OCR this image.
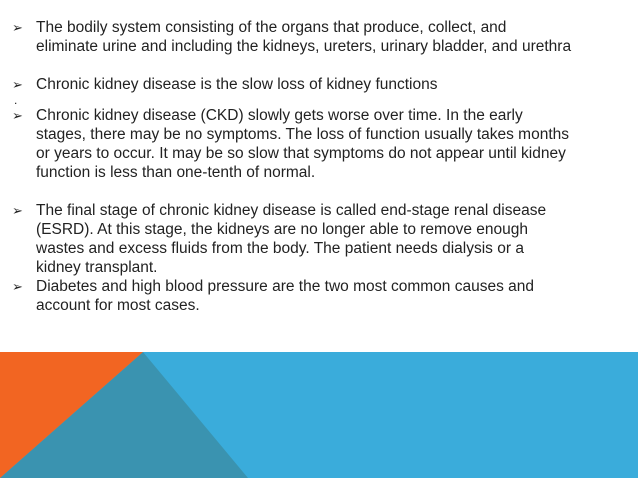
➢ The bodily system consisting of the organs that produce, collect, and eliminate urine and including the kidneys, ureters, urinary bladder, and urethra
➢ Chronic kidney disease is the slow loss of kidney functions
.
➢ Chronic kidney disease (CKD) slowly gets worse over time. In the early stages, there may be no symptoms. The loss of function usually takes months or years to occur. It may be so slow that symptoms do not appear until kidney function is less than one-tenth of normal.
➢ The final stage of chronic kidney disease is called end-stage renal disease (ESRD). At this stage, the kidneys are no longer able to remove enough wastes and excess fluids from the body. The patient needs dialysis or a kidney transplant.
➢ Diabetes and high blood pressure are the two most common causes and account for most cases.
